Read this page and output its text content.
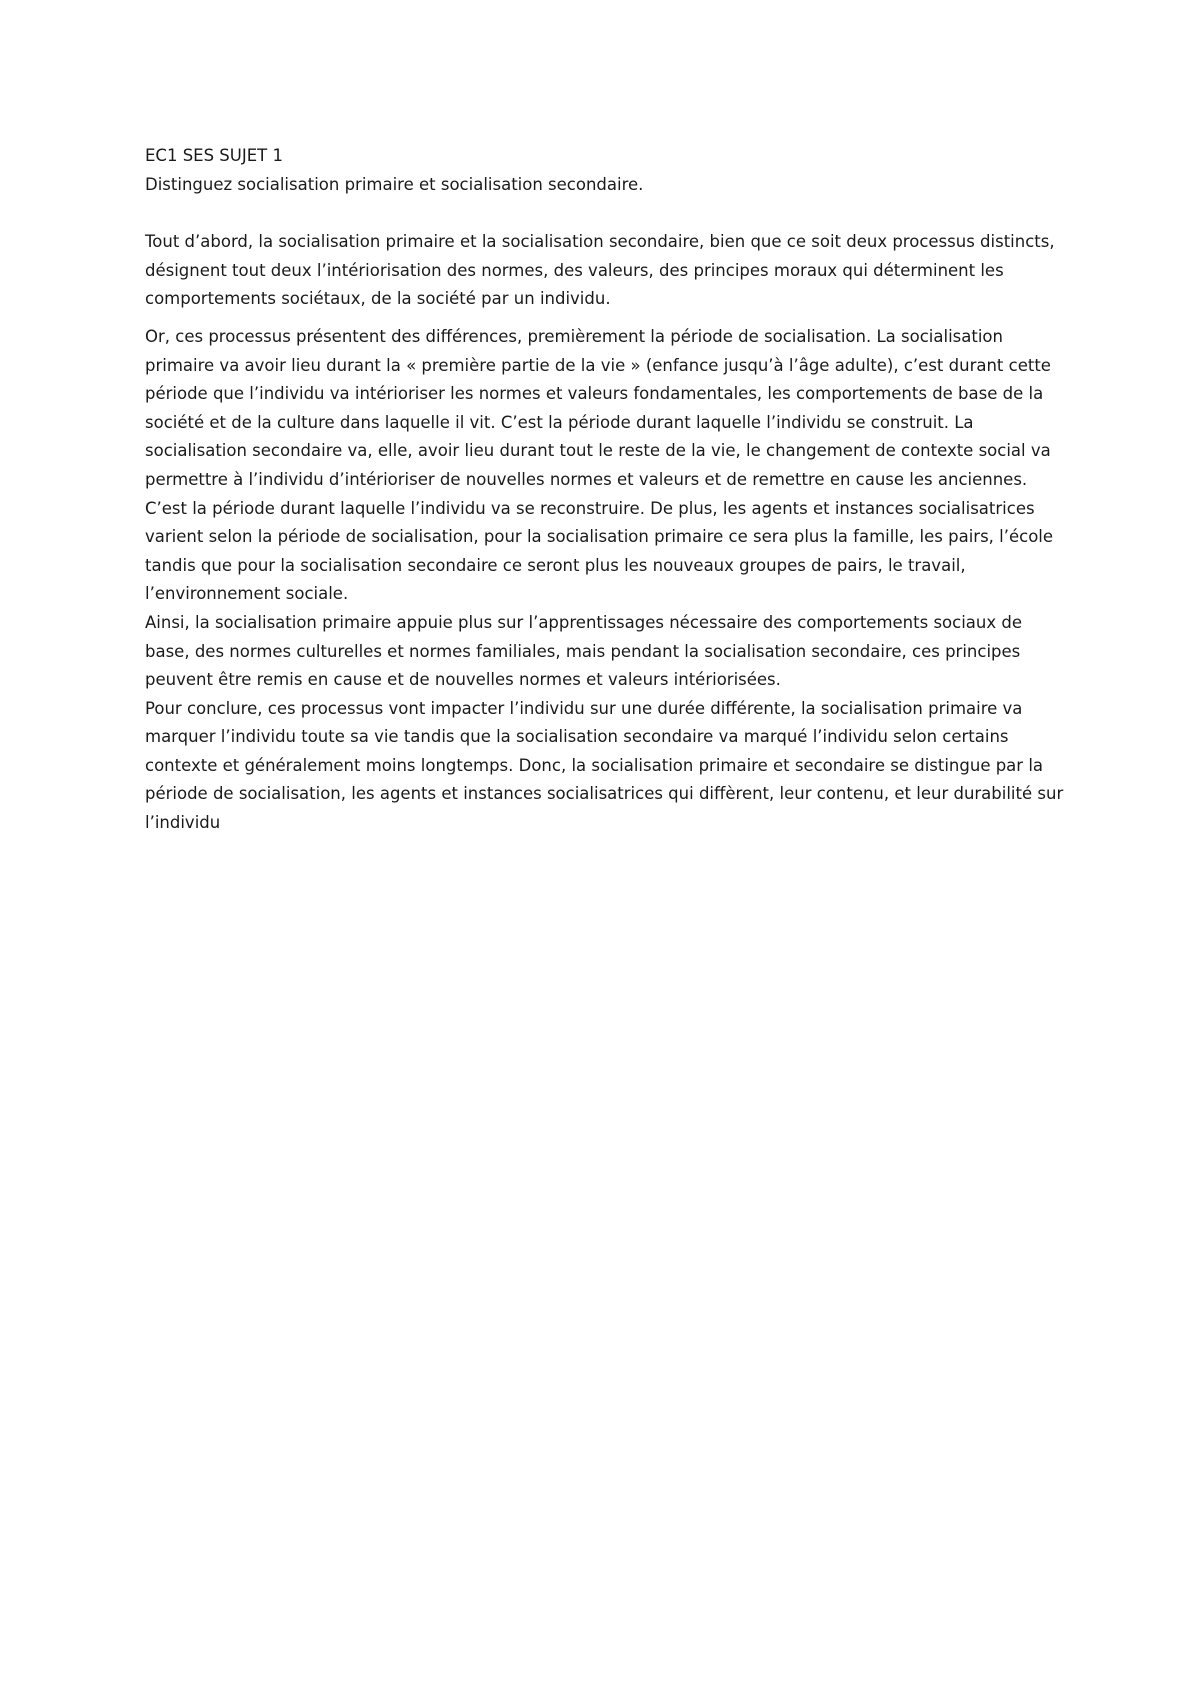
EC1 SES SUJET 1

Distinguez socialisation primaire et socialisation secondaire.

Tout d’abord, la socialisation primaire et la socialisation secondaire, bien que ce soit deux processus distincts, désignent tout deux l’intériorisation des normes, des valeurs, des principes moraux qui déterminent les comportements sociétaux, de la société par un individu.

Or, ces processus présentent des différences, premièrement la période de socialisation. La socialisation primaire va avoir lieu durant la « première partie de la vie » (enfance jusqu’à l’âge adulte), c’est durant cette période que l’individu va intérioriser les normes et valeurs fondamentales, les comportements de base de la société et de la culture dans laquelle il vit. C’est la période durant laquelle l’individu se construit. La socialisation secondaire va, elle, avoir lieu durant tout le reste de la vie, le changement de contexte social va permettre à l’individu d’intérioriser de nouvelles normes et valeurs et de remettre en cause les anciennes. C’est la période durant laquelle l’individu va se reconstruire. De plus, les agents et instances socialisatrices varient selon la période de socialisation, pour la socialisation primaire ce sera plus la famille, les pairs, l’école tandis que pour la socialisation secondaire ce seront plus les nouveaux groupes de pairs, le travail, l’environnement sociale.

Ainsi, la socialisation primaire appuie plus sur l’apprentissages nécessaire des comportements sociaux de base, des normes culturelles et normes familiales, mais pendant la socialisation secondaire, ces principes peuvent être remis en cause et de nouvelles normes et valeurs intériorisées.

Pour conclure, ces processus vont impacter l’individu sur une durée différente, la socialisation primaire va marquer l’individu toute sa vie tandis que la socialisation secondaire va marqué l’individu selon certains contexte et généralement moins longtemps. Donc, la socialisation primaire et secondaire se distingue par la période de socialisation, les agents et instances socialisatrices qui diffèrent, leur contenu, et leur durabilité sur l’individu
